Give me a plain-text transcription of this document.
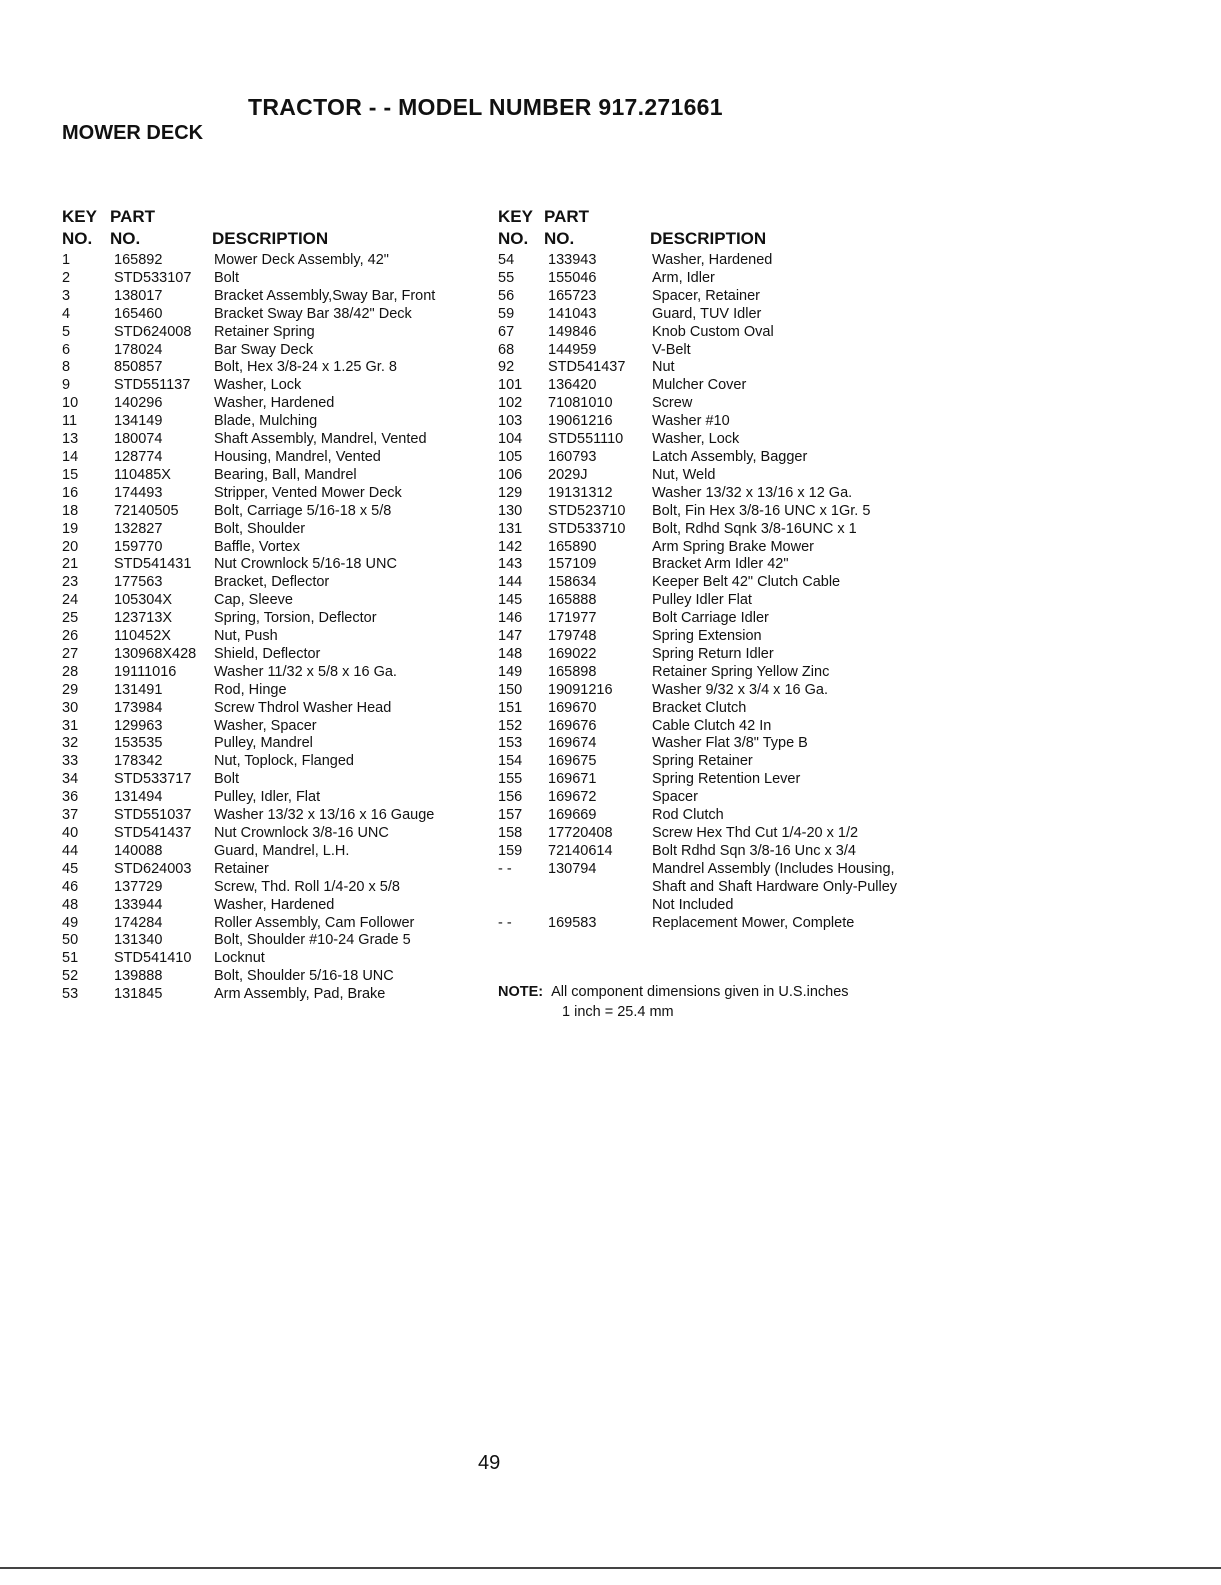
TRACTOR - - MODEL NUMBER 917.271661
MOWER DECK
KEY
NO.
PART
NO.	DESCRIPTION
1	165892	Mower Deck Assembly, 42"
2	STD533107	Bolt
3	138017	Bracket Assembly,Sway Bar, Front
4	165460	Bracket Sway Bar 38/42" Deck
5	STD624008	Retainer Spring
6	178024	Bar Sway Deck
8	850857	Bolt, Hex 3/8-24 x 1.25 Gr. 8
9	STD551137	Washer, Lock
10	140296	Washer, Hardened
11	134149	Blade, Mulching
13	180074	Shaft Assembly, Mandrel, Vented
14	128774	Housing, Mandrel, Vented
15	110485X	Bearing, Ball, Mandrel
16	174493	Stripper, Vented Mower Deck
18	72140505	Bolt, Carriage 5/16-18 x 5/8
19	132827	Bolt, Shoulder
20	159770	Baffle, Vortex
21	STD541431	Nut Crownlock 5/16-18 UNC
23	177563	Bracket, Deflector
24	105304X	Cap, Sleeve
25	123713X	Spring, Torsion, Deflector
26	110452X	Nut, Push
27	130968X428	Shield, Deflector
28	19111016	Washer 11/32 x 5/8 x 16 Ga.
29	131491	Rod, Hinge
30	173984	Screw Thdrol Washer Head
31	129963	Washer, Spacer
32	153535	Pulley, Mandrel
33	178342	Nut, Toplock, Flanged
34	STD533717	Bolt
36	131494	Pulley, Idler, Flat
37	STD551037	Washer 13/32 x 13/16 x 16 Gauge
40	STD541437	Nut Crownlock 3/8-16 UNC
44	140088	Guard, Mandrel, L.H.
45	STD624003	Retainer
46	137729	Screw, Thd. Roll 1/4-20 x 5/8
48	133944	Washer, Hardened
49	174284	Roller Assembly, Cam Follower
50	131340	Bolt, Shoulder #10-24 Grade 5
51	STD541410	Locknut
52	139888	Bolt, Shoulder 5/16-18 UNC
53	131845	Arm Assembly, Pad, Brake
KEY
NO.
PART
NO.	DESCRIPTION
54	133943	Washer, Hardened
55	155046	Arm, Idler
56	165723	Spacer, Retainer
59	141043	Guard, TUV Idler
67	149846	Knob Custom Oval
68	144959	V-Belt
92	STD541437	Nut
101	136420	Mulcher Cover
102	71081010	Screw
103	19061216	Washer #10
104	STD551110	Washer, Lock
105	160793	Latch Assembly, Bagger
106	2029J	Nut, Weld
129	19131312	Washer 13/32 x 13/16 x 12 Ga.
130	STD523710	Bolt, Fin Hex 3/8-16 UNC x 1Gr. 5
131	STD533710	Bolt, Rdhd Sqnk 3/8-16UNC x 1
142	165890	Arm Spring Brake Mower
143	157109	Bracket Arm Idler 42"
144	158634	Keeper Belt 42" Clutch Cable
145	165888	Pulley Idler Flat
146	171977	Bolt Carriage Idler
147	179748	Spring Extension
148	169022	Spring Return Idler
149	165898	Retainer Spring Yellow Zinc
150	19091216	Washer 9/32 x 3/4 x 16 Ga.
151	169670	Bracket Clutch
152	169676	Cable Clutch 42 In
153	169674	Washer Flat 3/8" Type B
154	169675	Spring Retainer
155	169671	Spring Retention Lever
156	169672	Spacer
157	169669	Rod Clutch
158	17720408	Screw Hex Thd Cut 1/4-20 x 1/2
159	72140614	Bolt Rdhd Sqn 3/8-16 Unc x 3/4
- -	130794	Mandrel Assembly (Includes Housing, Shaft and Shaft Hardware Only-Pulley Not Included
- -	169583	Replacement Mower, Complete
NOTE: All component dimensions given in U.S.inches
1 inch = 25.4 mm
49
